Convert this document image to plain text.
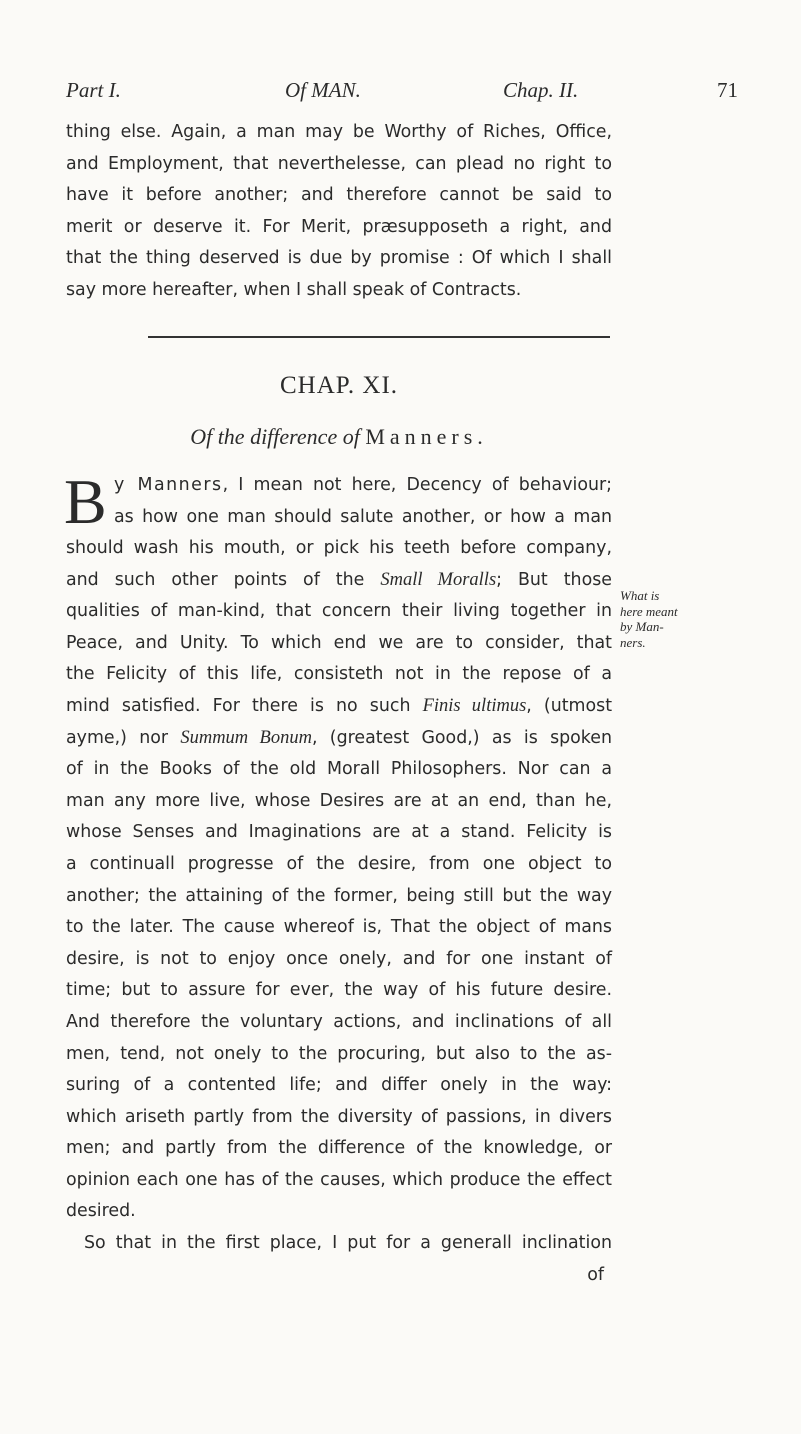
Part I.	Of MAN.	Chap. II.	71
thing else. Again, a man may be Worthy of Riches, Office,
and Employment, that neverthelesse, can plead no right to
have it before another; and therefore cannot be said to
merit or deserve it. For Merit, præsupposeth a right, and
that the thing deserved is due by promise : Of which I shall
say more hereafter, when I shall speak of Contracts.
CHAP. XI.
Of the difference of Manners.
B y Manners, I mean not here, Decency of behaviour;
as how one man should salute another, or how a man
should wash his mouth, or pick his teeth before company,
and such other points of the Small Moralls; But those
qualities of man-kind, that concern their living together in
Peace, and Unity. To which end we are to consider, that
the Felicity of this life, consisteth not in the repose of a
mind satisfied. For there is no such Finis ultimus, (utmost
ayme,) nor Summum Bonum, (greatest Good,) as is spoken
of in the Books of the old Morall Philosophers. Nor can a
man any more live, whose Desires are at an end, than he,
whose Senses and Imaginations are at a stand. Felicity is
a continuall progresse of the desire, from one object to
another; the attaining of the former, being still but the way
to the later. The cause whereof is, That the object of mans
desire, is not to enjoy once onely, and for one instant of
time; but to assure for ever, the way of his future desire.
And therefore the voluntary actions, and inclinations of all
men, tend, not onely to the procuring, but also to the as-
suring of a contented life; and differ onely in the way:
which ariseth partly from the diversity of passions, in divers
men; and partly from the difference of the knowledge, or
opinion each one has of the causes, which produce the effect
desired.
So that in the first place, I put for a generall inclination
of
What is
here meant
by Man-
ners.
